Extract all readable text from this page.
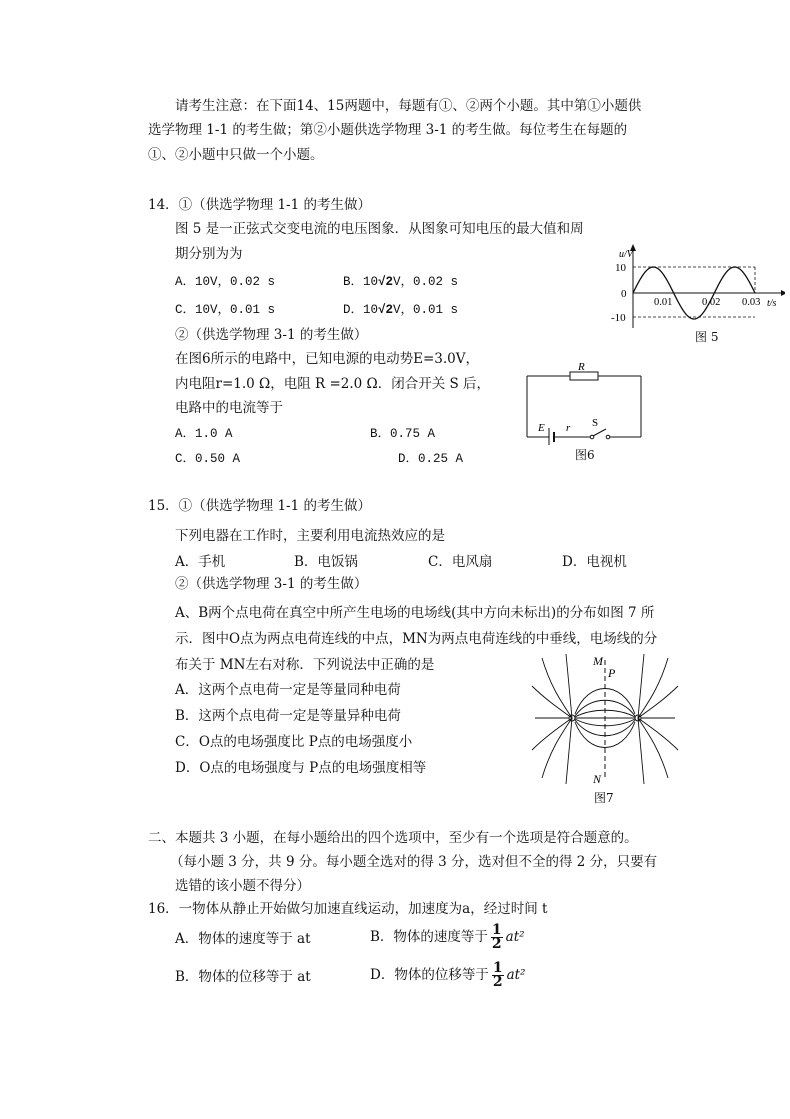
请考生注意：在下面14、15两题中，每题有①、②两个小题。其中第①小题供
选学物理 1-1 的考生做；第②小题供选学物理 3-1 的考生做。每位考生在每题的
①、②小题中只做一个小题。
14．①（供选学物理 1-1 的考生做）
图 5 是一正弦式交变电流的电压图象．从图象可知电压的最大值和周
期分别为为
A．10V，0.02 s	B．10√2V，0.02 s
C．10V，0.01 s	D．10√2V，0.01 s
②（供选学物理 3-1 的考生做）
在图6所示的电路中，已知电源的电动势E=3.0V，
内电阻r=1.0 Ω，电阻 R =2.0 Ω．闭合开关 S 后，
电路中的电流等于
A．1.0 A	B．0.75 A
C．0.50 A	D．0.25 A
u/V
10
0
-10
0.01	0.02 0.03 t/s
图 5
R
E r S
图6
15．①（供选学物理 1-1 的考生做）
下列电器在工作时，主要利用电流热效应的是
A．手机	B．电饭锅	C．电风扇	D．电视机
②（供选学物理 3-1 的考生做）
A、B两个点电荷在真空中所产生电场的电场线(其中方向未标出)的分布如图 7 所
示．图中O点为两点电荷连线的中点，MN为两点电荷连线的中垂线，电场线的分
布关于 MN左右对称．下列说法中正确的是
A．这两个点电荷一定是等量同种电荷
B．这两个点电荷一定是等量异种电荷
C．O点的电场强度比 P点的电场强度小
D．O点的电场强度与 P点的电场强度相等
M
P
N
图7
二、本题共 3 小题，在每小题给出的四个选项中，至少有一个选项是符合题意的。
（每小题 3 分，共 9 分。每小题全选对的得 3 分，选对但不全的得 2 分，只要有
选错的该小题不得分）
16．一物体从静止开始做匀加速直线运动，加速度为a，经过时间 t
A．物体的速度等于 at	B．物体的速度等于 $\frac{1}{2} at^2$
B．物体的位移等于 at	D．物体的位移等于 $\frac{1}{2} at^2$
